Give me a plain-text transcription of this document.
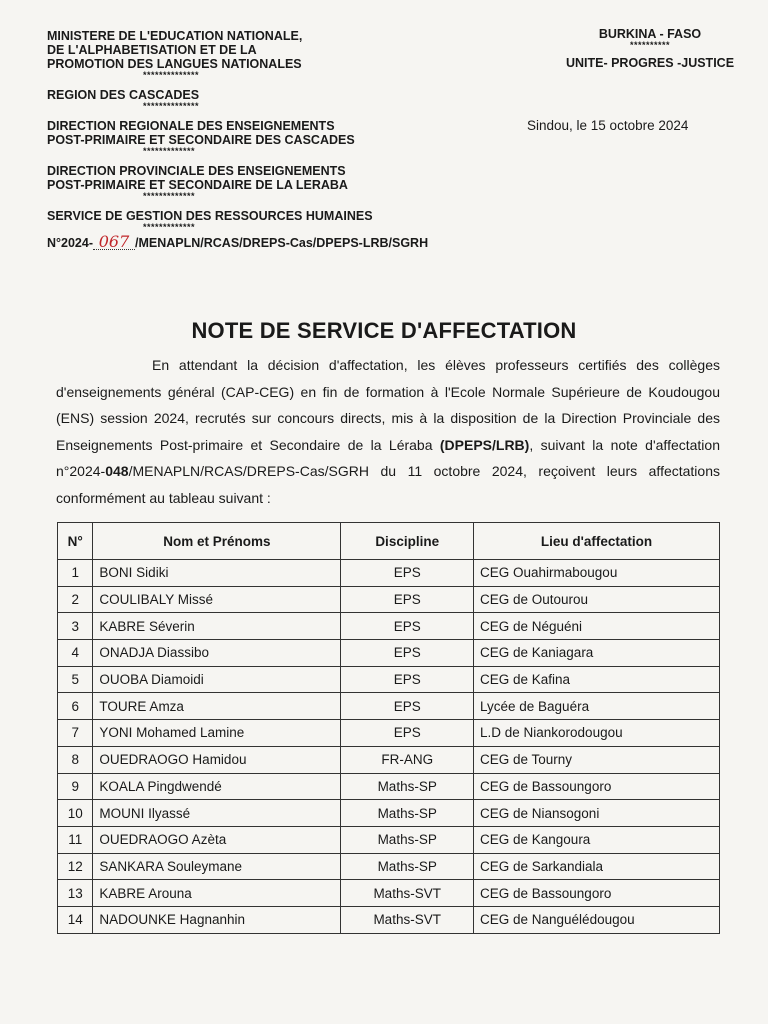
MINISTERE DE L'EDUCATION NATIONALE,
DE L'ALPHABETISATION ET DE LA
PROMOTION DES LANGUES NATIONALES
**************
REGION DES CASCADES
**************
DIRECTION REGIONALE DES ENSEIGNEMENTS
POST-PRIMAIRE ET SECONDAIRE DES CASCADES
*************
DIRECTION PROVINCIALE DES ENSEIGNEMENTS
POST-PRIMAIRE ET SECONDAIRE DE LA LERABA
*************
SERVICE DE GESTION DES RESSOURCES HUMAINES
*************
N°2024- 067 /MENAPLN/RCAS/DREPS-Cas/DPEPS-LRB/SGRH
BURKINA - FASO
**********
UNITE- PROGRES -JUSTICE
Sindou, le 15 octobre 2024
NOTE DE SERVICE D'AFFECTATION

En attendant la décision d'affectation, les élèves professeurs certifiés des collèges d'enseignements général (CAP-CEG) en fin de formation à l'Ecole Normale Supérieure de Koudougou (ENS) session 2024, recrutés sur concours directs, mis à la disposition de la Direction Provinciale des Enseignements Post-primaire et Secondaire de la Léraba (DPEPS/LRB), suivant la note d'affectation n°2024-048/MENAPLN/RCAS/DREPS-Cas/SGRH du 11 octobre 2024, reçoivent leurs affectations conformément au tableau suivant :

N°	Nom et Prénoms	Discipline	Lieu d'affectation
1	BONI Sidiki	EPS	CEG Ouahirmabougou
2	COULIBALY Missé	EPS	CEG de Outourou
3	KABRE Séverin	EPS	CEG de Néguéni
4	ONADJA Diassibo	EPS	CEG de Kaniagara
5	OUOBA Diamoidi	EPS	CEG de Kafina
6	TOURE Amza	EPS	Lycée de Baguéra
7	YONI Mohamed Lamine	EPS	L.D de Niankorodougou
8	OUEDRAOGO Hamidou	FR-ANG	CEG de Tourny
9	KOALA Pingdwendé	Maths-SP	CEG de Bassoungoro
10	MOUNI Ilyassé	Maths-SP	CEG de Niansogoni
11	OUEDRAOGO Azèta	Maths-SP	CEG de Kangoura
12	SANKARA Souleymane	Maths-SP	CEG de Sarkandiala
13	KABRE Arouna	Maths-SVT	CEG de Bassoungoro
14	NADOUNKE Hagnanhin	Maths-SVT	CEG de Nanguélédougou
